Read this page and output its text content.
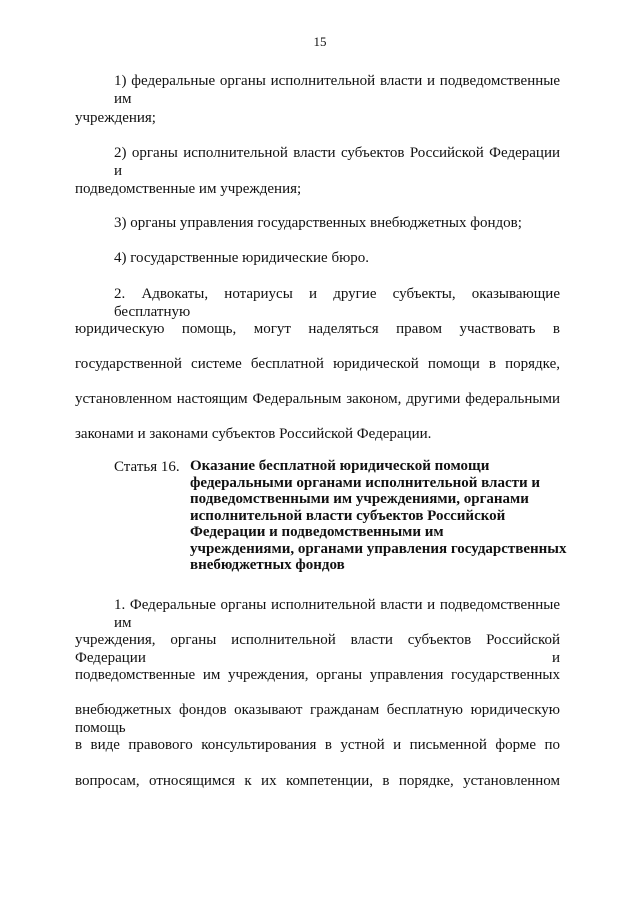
15
1) федеральные органы исполнительной власти и подведомственные им
учреждения;
2) органы исполнительной власти субъектов Российской Федерации и
подведомственные им учреждения;
3) органы управления государственных внебюджетных фондов;
4) государственные юридические бюро.
2. Адвокаты, нотариусы и другие субъекты, оказывающие бесплатную
юридическую помощь, могут наделяться правом участвовать в
государственной системе бесплатной юридической помощи в порядке,
установленном настоящим Федеральным законом, другими федеральными
законами и законами субъектов Российской Федерации.
Статья 16. Оказание бесплатной юридической помощи
федеральными органами исполнительной власти и
подведомственными им учреждениями, органами
исполнительной власти субъектов Российской
Федерации и подведомственными им
учреждениями, органами управления государственных
внебюджетных фондов
1. Федеральные органы исполнительной власти и подведомственные им
учреждения, органы исполнительной власти субъектов Российской Федерации и
подведомственные им учреждения, органы управления государственных
внебюджетных фондов оказывают гражданам бесплатную юридическую помощь
в виде правового консультирования в устной и письменной форме по
вопросам, относящимся к их компетенции, в порядке, установленном
